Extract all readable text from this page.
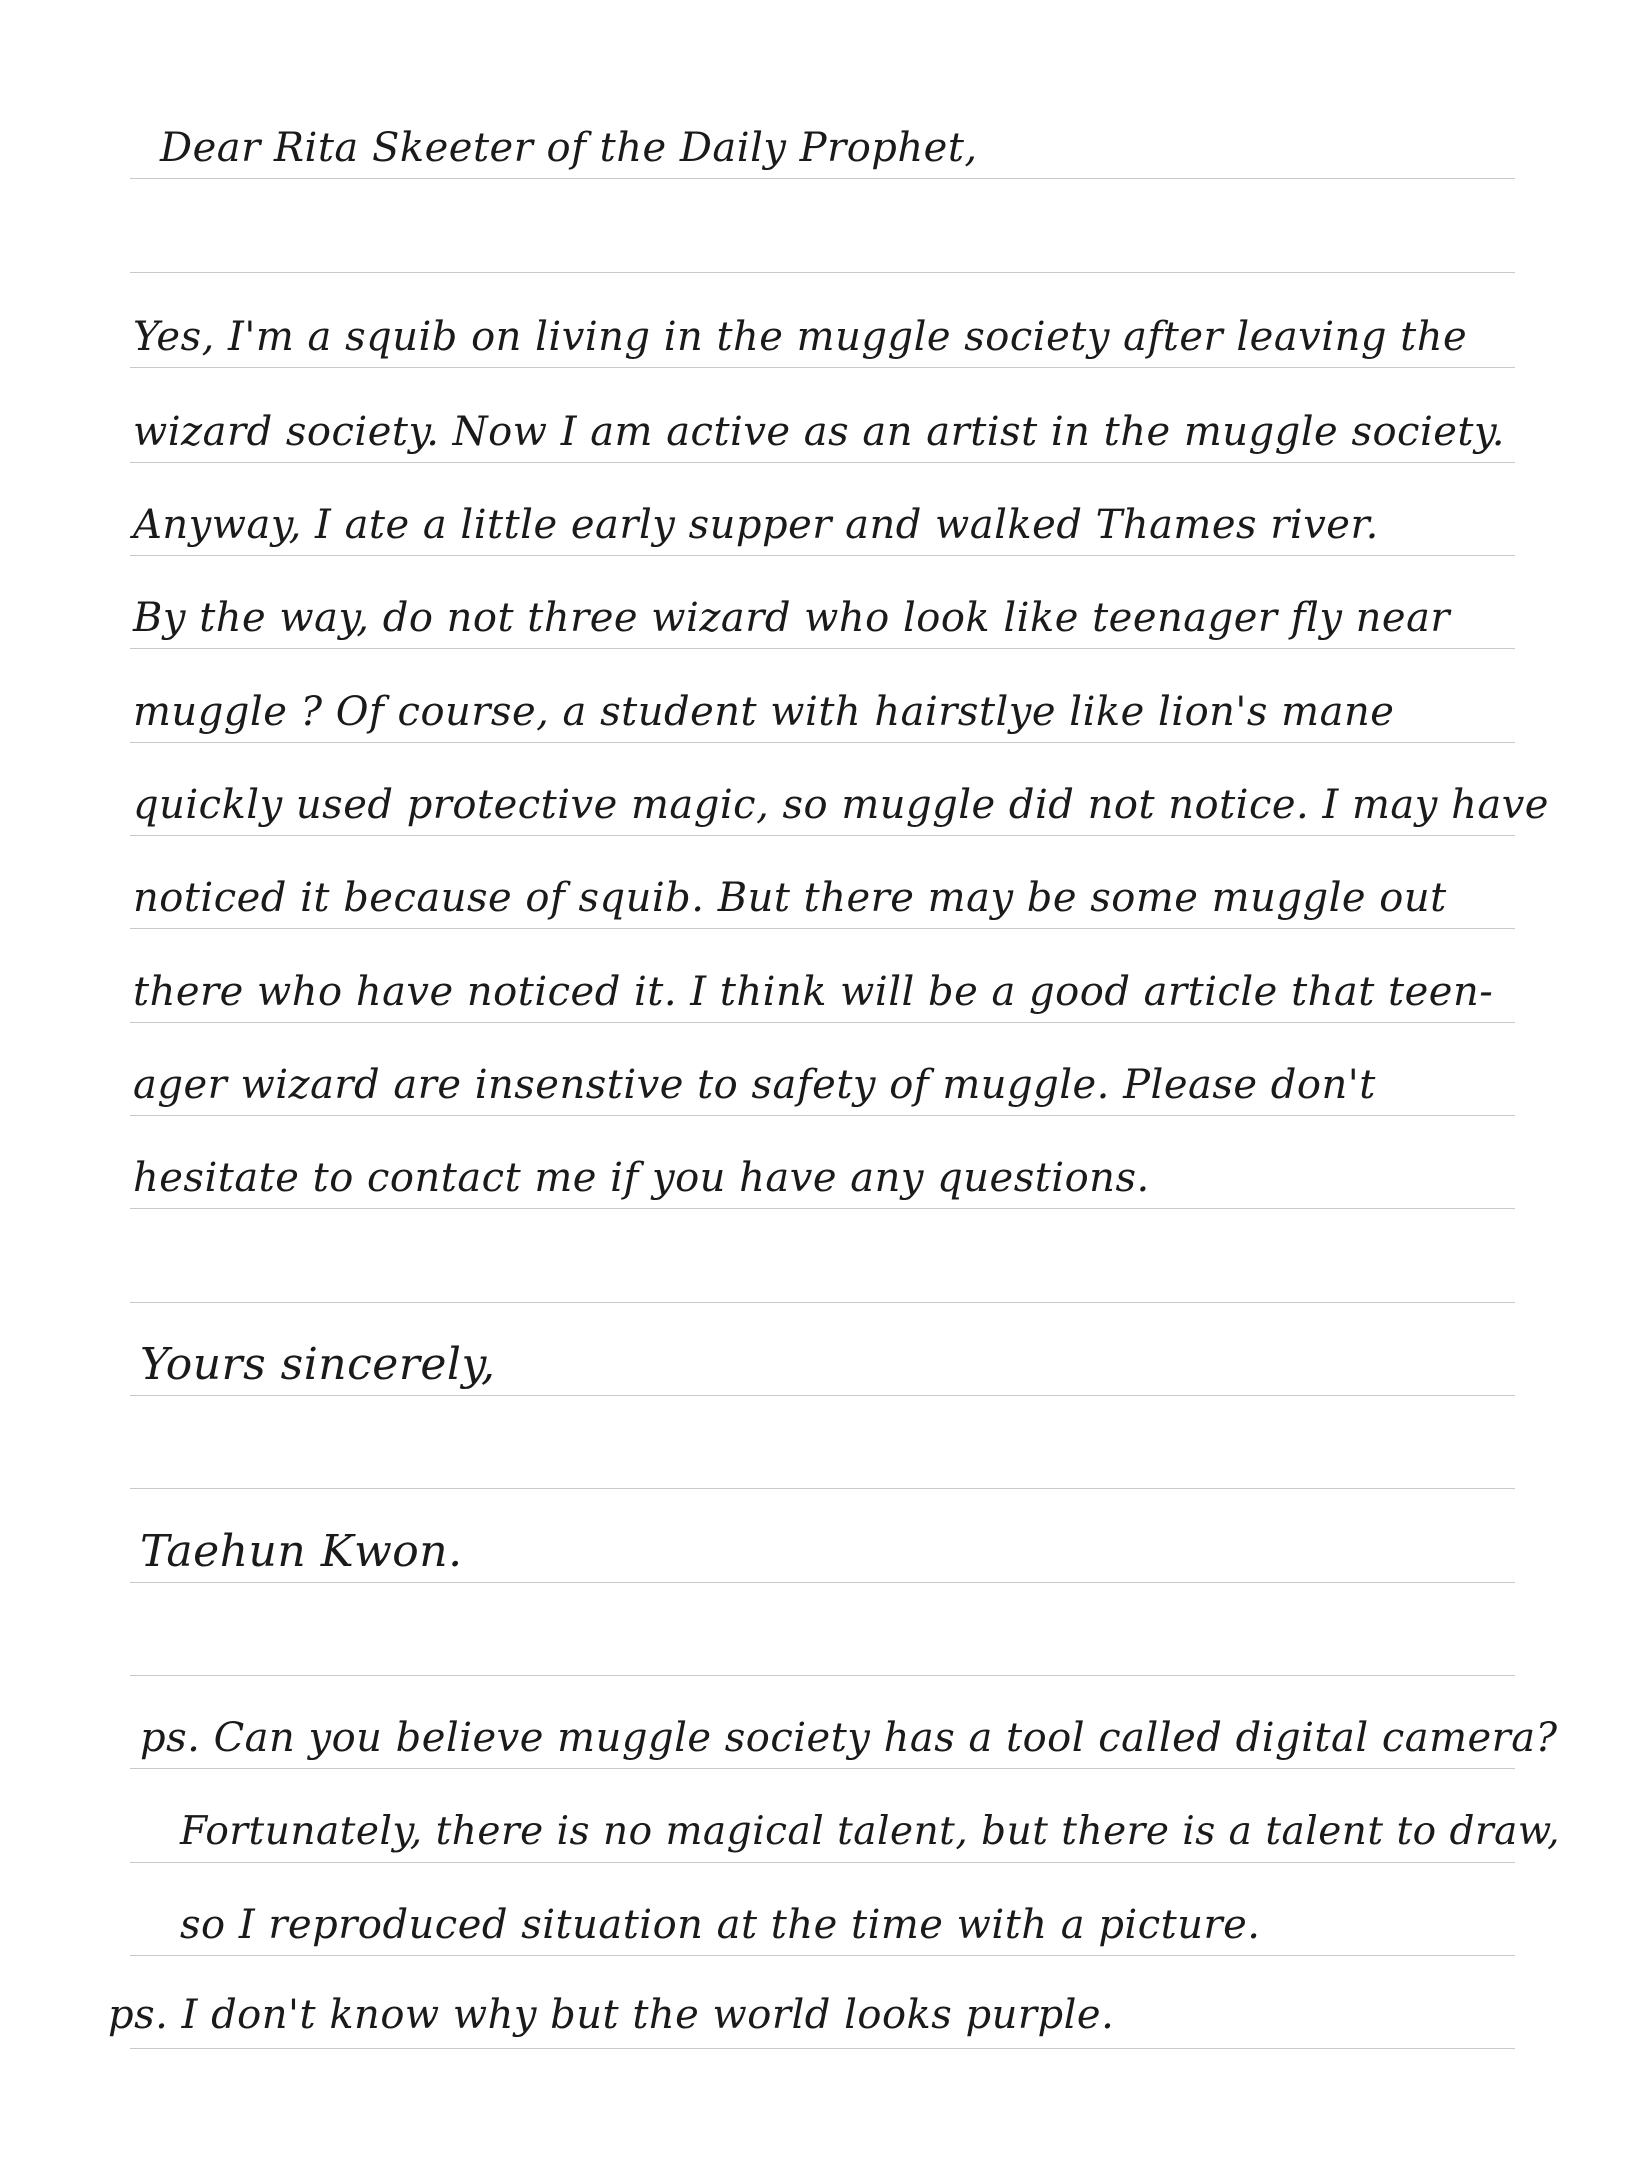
Dear Rita Skeeter of the Daily Prophet,
Yes, I'm a squib on living in the muggle society after leaving the
wizard society. Now I am active as an artist in the muggle society.
Anyway, I ate a little early supper and walked Thames river.
By the way, do not three wizard who look like teenager fly near
muggle ? Of course, a student with hairstlye like lion's mane
quickly used protective magic, so muggle did not notice. I may have
noticed it because of squib. But there may be some muggle out
there who have noticed it. I think will be a good article that teen-
ager wizard are insenstive to safety of muggle. Please don't
hesitate to contact me if you have any questions.
Yours sincerely,
Taehun Kwon.
ps. Can you believe muggle society has a tool called digital camera?
Fortunately, there is no magical talent, but there is a talent to draw,
so I reproduced situation at the time with a picture.
ps. I don't know why but the world looks purple.
